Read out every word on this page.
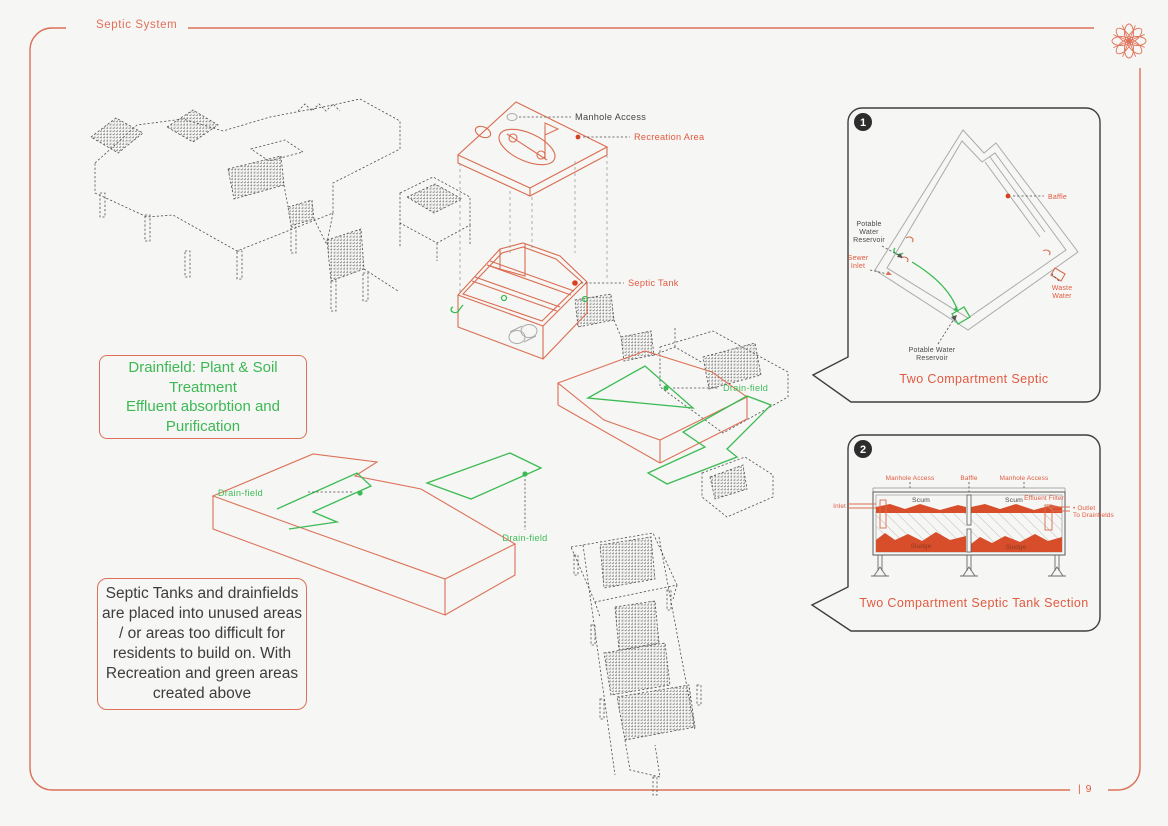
Septic System
| 9
Manhole Access
Recreation Area
Septic Tank
Drain-field
Drain-field
Drain-field
Drainfield: Plant & Soil
Treatment
Effluent absorbtion and
Purification
Septic Tanks and drainfields
are placed into unused areas
/ or areas too difficult for
residents to build on. With
Recreation and green areas
created above
1
Baffle
Potable
Water
Reservoir
Sewer
Inlet
Waste
Water
Potable Water
Reservoir
Two Compartment Septic
2
Manhole Access	Baffle	Manhole Access
Scum	Scum Effluent Filter
Inlet	• Outlet
To Drainfields
Sludge	Sludge
Two Compartment Septic Tank Section
